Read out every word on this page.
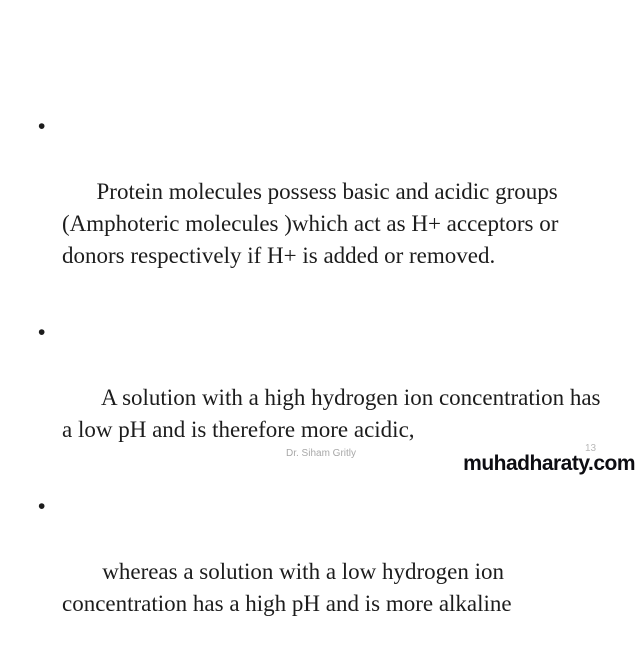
•

Protein molecules possess basic and acidic groups (Amphoteric molecules )which act as H+ acceptors or donors respectively if H+ is added or removed.

•

A solution with a high hydrogen ion concentration has a low pH and is therefore more acidic,

•

whereas a solution with a low hydrogen ion concentration has a high pH and is more alkaline

Dr. Siham Gritly	13
muhadharaty.com
